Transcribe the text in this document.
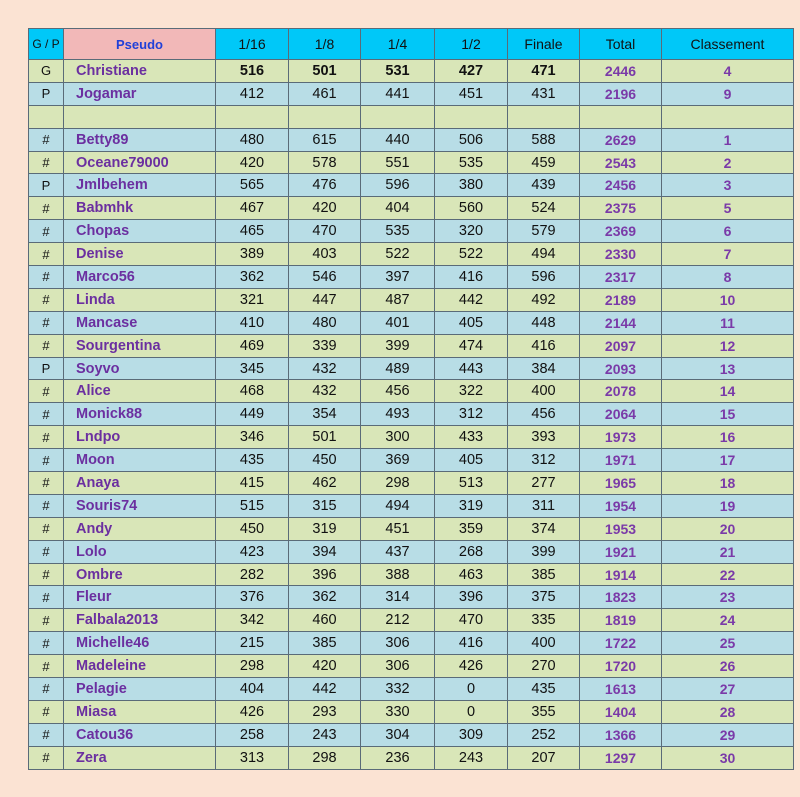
G / P	Pseudo	1/16	1/8	1/4	1/2	Finale	Total	Classement
G	Christiane	516	501	531	427	471	2446	4
P	Jogamar	412	461	441	451	431	2196	9

#	Betty89	480	615	440	506	588	2629	1
#	Oceane79000	420	578	551	535	459	2543	2
P	Jmlbehem	565	476	596	380	439	2456	3
#	Babmhk	467	420	404	560	524	2375	5
#	Chopas	465	470	535	320	579	2369	6
#	Denise	389	403	522	522	494	2330	7
#	Marco56	362	546	397	416	596	2317	8
#	Linda	321	447	487	442	492	2189	10
#	Mancase	410	480	401	405	448	2144	11
#	Sourgentina	469	339	399	474	416	2097	12
P	Soyvo	345	432	489	443	384	2093	13
#	Alice	468	432	456	322	400	2078	14
#	Monick88	449	354	493	312	456	2064	15
#	Lndpo	346	501	300	433	393	1973	16
#	Moon	435	450	369	405	312	1971	17
#	Anaya	415	462	298	513	277	1965	18
#	Souris74	515	315	494	319	311	1954	19
#	Andy	450	319	451	359	374	1953	20
#	Lolo	423	394	437	268	399	1921	21
#	Ombre	282	396	388	463	385	1914	22
#	Fleur	376	362	314	396	375	1823	23
#	Falbala2013	342	460	212	470	335	1819	24
#	Michelle46	215	385	306	416	400	1722	25
#	Madeleine	298	420	306	426	270	1720	26
#	Pelagie	404	442	332	0	435	1613	27
#	Miasa	426	293	330	0	355	1404	28
#	Catou36	258	243	304	309	252	1366	29
#	Zera	313	298	236	243	207	1297	30
